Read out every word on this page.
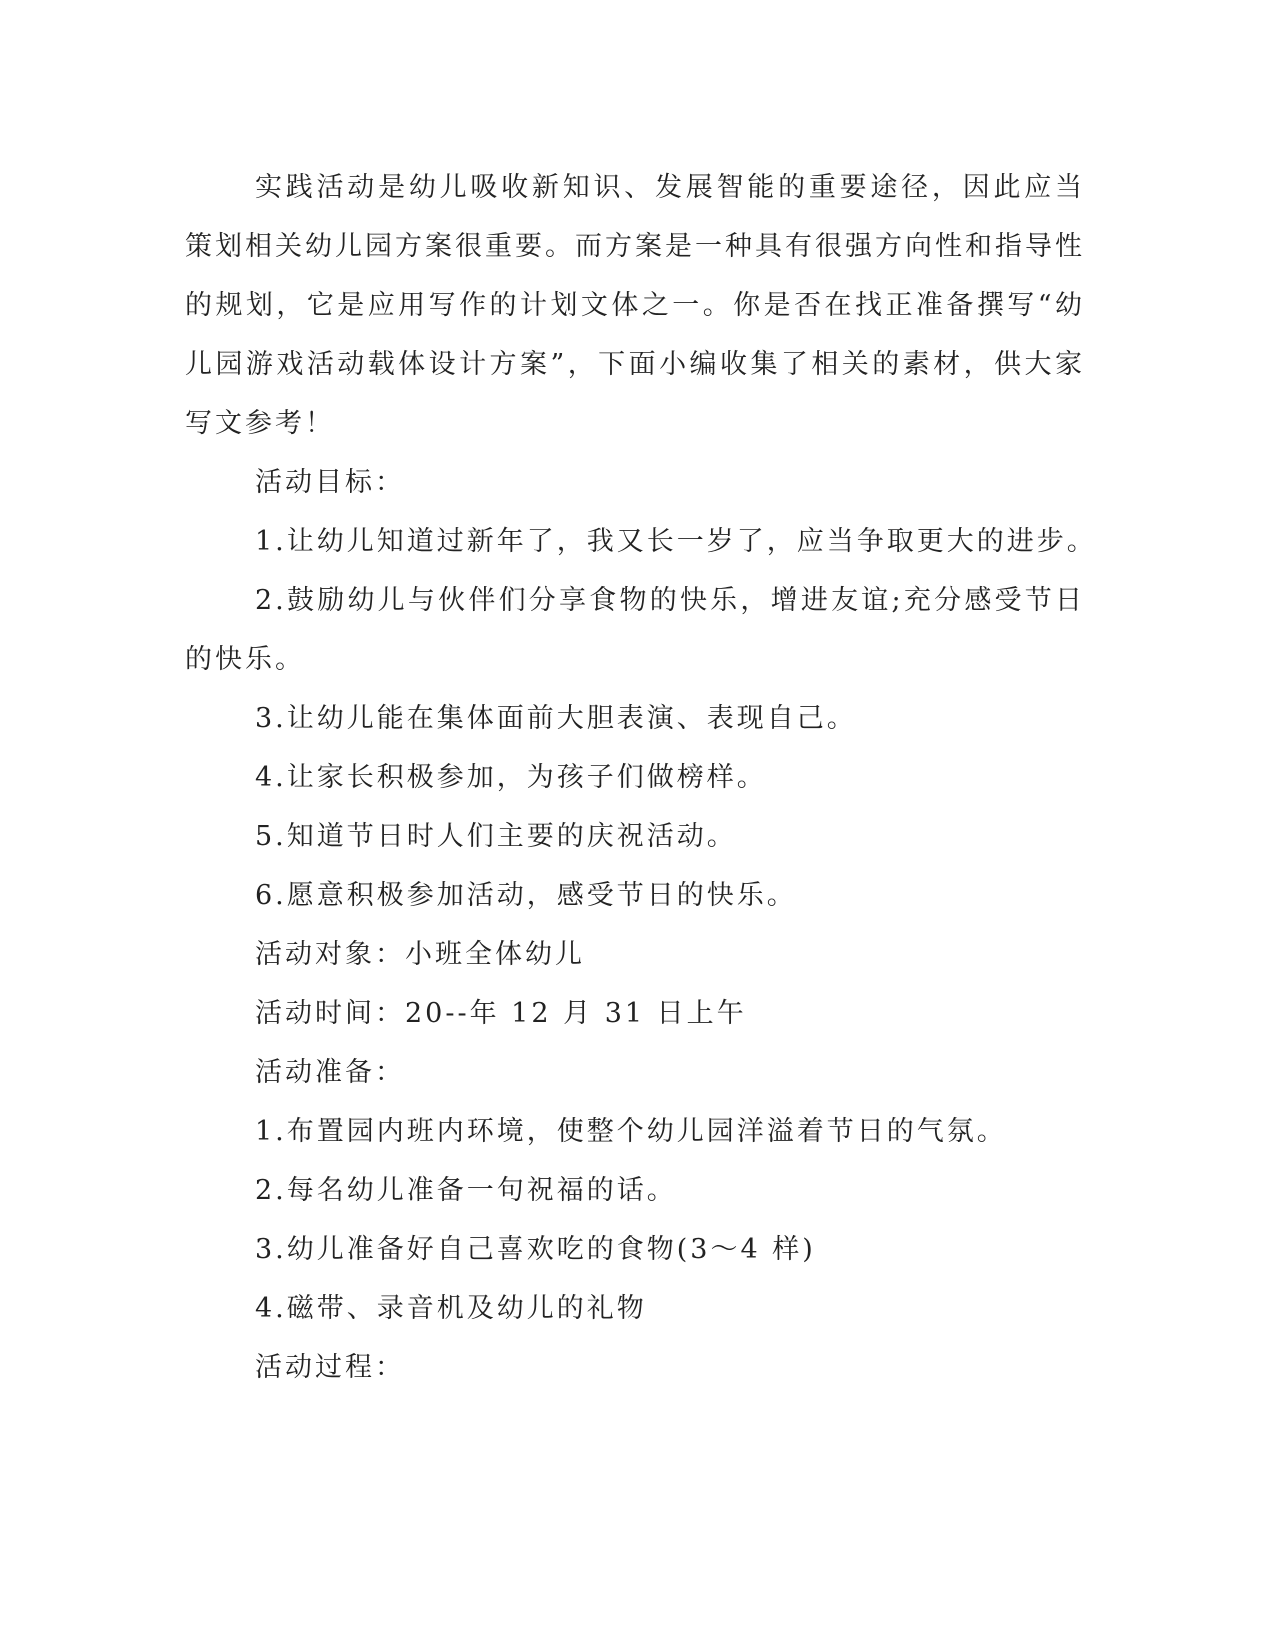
实践活动是幼儿吸收新知识、发展智能的重要途径，因此应当策划相关幼儿园方案很重要。而方案是一种具有很强方向性和指导性的规划，它是应用写作的计划文体之一。你是否在找正准备撰写“幼儿园游戏活动载体设计方案”，下面小编收集了相关的素材，供大家写文参考！

活动目标：

1.让幼儿知道过新年了，我又长一岁了，应当争取更大的进步。

2.鼓励幼儿与伙伴们分享食物的快乐，增进友谊;充分感受节日的快乐。

3.让幼儿能在集体面前大胆表演、表现自己。

4.让家长积极参加，为孩子们做榜样。

5.知道节日时人们主要的庆祝活动。

6.愿意积极参加活动，感受节日的快乐。

活动对象：小班全体幼儿

活动时间：20--年 12 月 31 日上午

活动准备：

1.布置园内班内环境，使整个幼儿园洋溢着节日的气氛。

2.每名幼儿准备一句祝福的话。

3.幼儿准备好自己喜欢吃的食物(3～4 样)

4.磁带、录音机及幼儿的礼物

活动过程：
